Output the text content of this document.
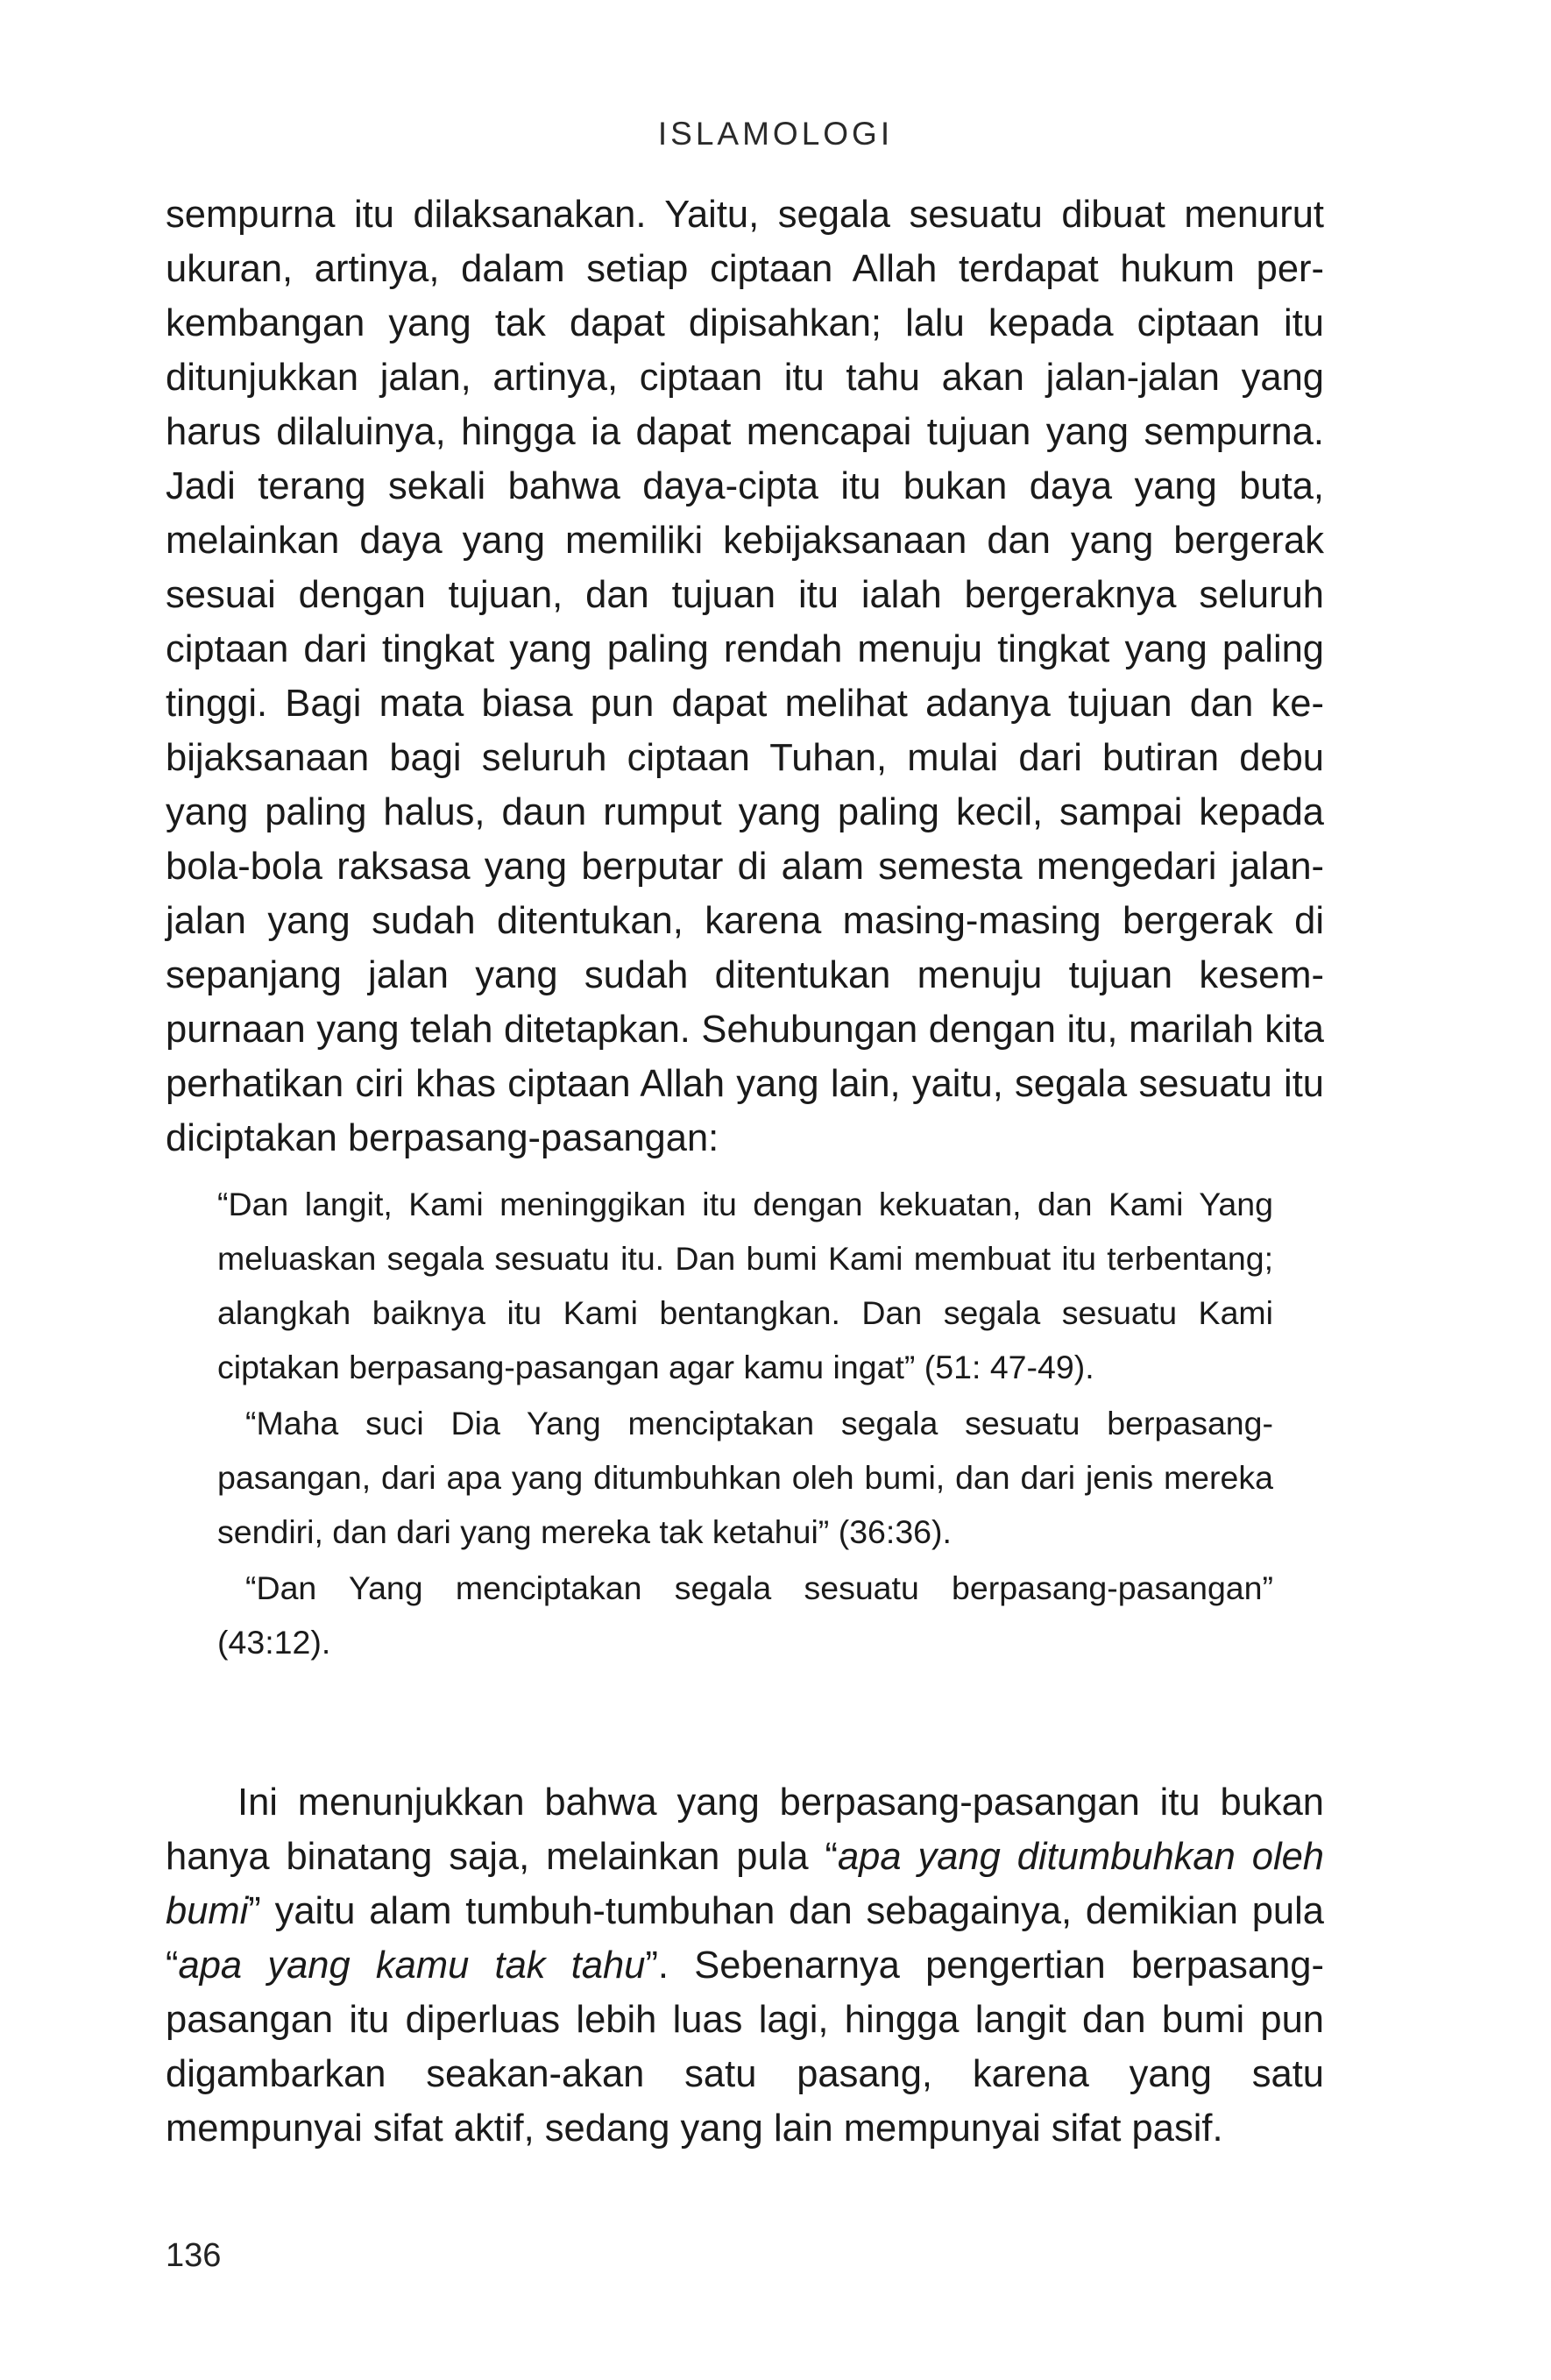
ISLAMOLOGI

sempurna itu dilaksanakan. Yaitu, segala sesuatu dibuat menurut ukuran, artinya, dalam setiap ciptaan Allah terdapat hukum perkembangan yang tak dapat dipisahkan; lalu kepada ciptaan itu ditunjukkan jalan, artinya, ciptaan itu tahu akan jalan-jalan yang harus dilaluinya, hingga ia dapat mencapai tujuan yang sempurna. Jadi terang sekali bahwa daya-cipta itu bukan daya yang buta, melainkan daya yang memiliki kebijaksanaan dan yang bergerak sesuai dengan tujuan, dan tujuan itu ialah bergeraknya seluruh ciptaan dari tingkat yang paling rendah menuju tingkat yang paling tinggi. Bagi mata biasa pun dapat melihat adanya tujuan dan kebijaksanaan bagi seluruh ciptaan Tuhan, mulai dari butiran debu yang paling halus, daun rumput yang paling kecil, sampai kepada bola-bola raksasa yang berputar di alam semesta mengedari jalan-jalan yang sudah ditentukan, karena masing-masing bergerak di sepanjang jalan yang sudah ditentukan menuju tujuan kesempurnaan yang telah ditetapkan. Sehubungan dengan itu, marilah kita perhatikan ciri khas ciptaan Allah yang lain, yaitu, segala sesuatu itu diciptakan berpasang-pasangan:

“Dan langit, Kami meninggikan itu dengan kekuatan, dan Kami Yang meluaskan segala sesuatu itu. Dan bumi Kami membuat itu terbentang; alangkah baiknya itu Kami bentangkan. Dan segala sesuatu Kami ciptakan berpasang-pasangan agar kamu ingat” (51: 47-49).

“Maha suci Dia Yang menciptakan segala sesuatu berpasang-pasangan, dari apa yang ditumbuhkan oleh bumi, dan dari jenis mereka sendiri, dan dari yang mereka tak ketahui” (36:36).

“Dan Yang menciptakan segala sesuatu berpasang-pasangan” (43:12).

Ini menunjukkan bahwa yang berpasang-pasangan itu bukan hanya binatang saja, melainkan pula “apa yang ditumbuhkan oleh bumi” yaitu alam tumbuh-tumbuhan dan sebagainya, demikian pula “apa yang kamu tak tahu”. Sebenarnya pengertian berpasang-pasangan itu diperluas lebih luas lagi, hingga langit dan bumi pun digambarkan seakan-akan satu pasang, karena yang satu mempunyai sifat aktif, sedang yang lain mempunyai sifat pasif.

136
